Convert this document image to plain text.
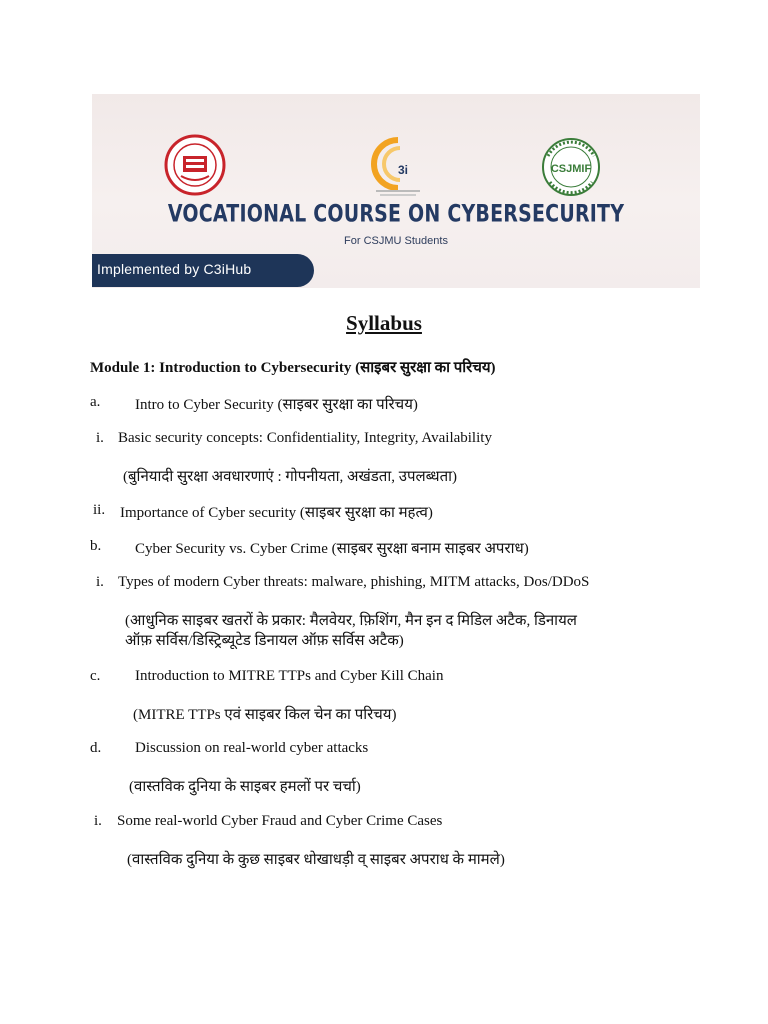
3i	CSJMIF
VOCATIONAL COURSE ON CYBERSECURITY
For CSJMU Students
Implemented by C3iHub
Syllabus
Module 1: Introduction to Cybersecurity (साइबर सुरक्षा का परिचय)
a. Intro to Cyber Security (साइबर सुरक्षा का परिचय)
i. Basic security concepts: Confidentiality, Integrity, Availability
(बुनियादी सुरक्षा अवधारणाएं : गोपनीयता, अखंडता, उपलब्धता)
ii. Importance of Cyber security (साइबर सुरक्षा का महत्व)
b. Cyber Security vs. Cyber Crime (साइबर सुरक्षा बनाम साइबर अपराध)
i. Types of modern Cyber threats: malware, phishing, MITM attacks, Dos/DDoS
(आधुनिक साइबर खतरों के प्रकार: मैलवेयर, फ़िशिंग, मैन इन द मिडिल अटैक, डिनायल
ऑफ़ सर्विस/डिस्ट्रिब्यूटेड डिनायल ऑफ़ सर्विस अटैक)
c. Introduction to MITRE TTPs and Cyber Kill Chain
(MITRE TTPs एवं साइबर किल चेन का परिचय)
d. Discussion on real-world cyber attacks
(वास्तविक दुनिया के साइबर हमलों पर चर्चा)
i. Some real-world Cyber Fraud and Cyber Crime Cases
(वास्तविक दुनिया के कुछ साइबर धोखाधड़ी व् साइबर अपराध के मामले)
